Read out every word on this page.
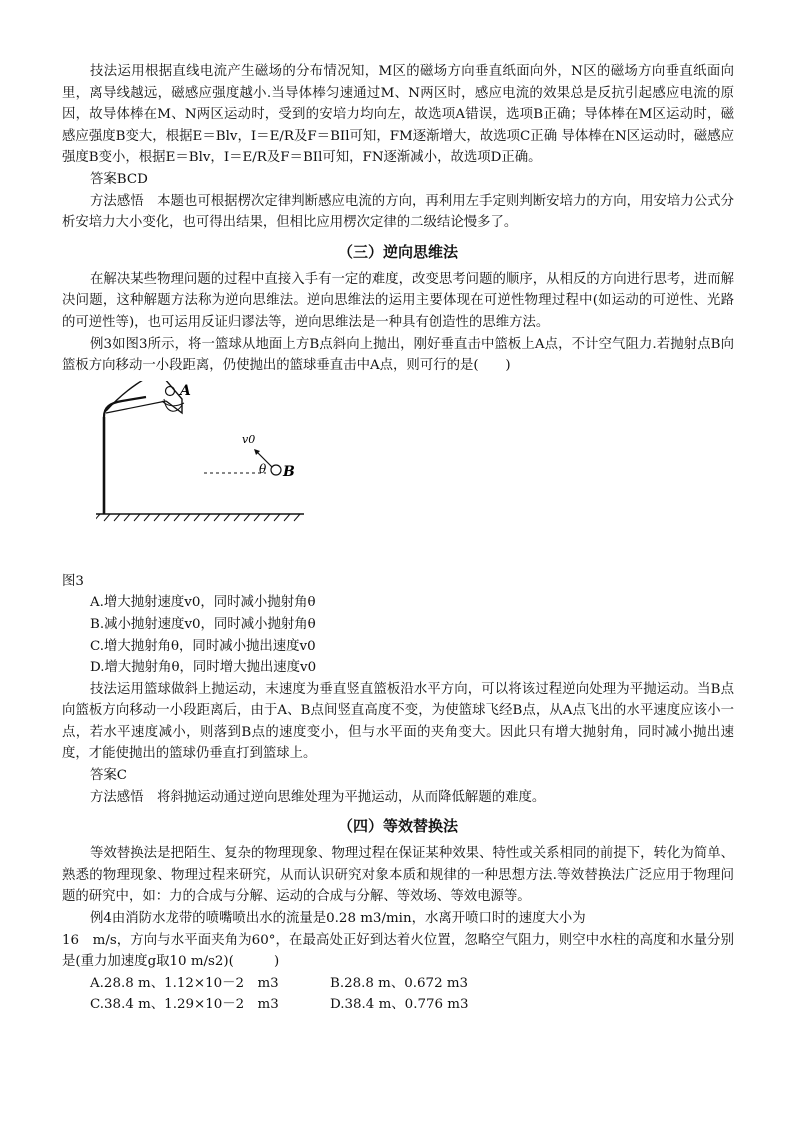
技法运用根据直线电流产生磁场的分布情况知，M区的磁场方向垂直纸面向外，N区的磁场方向垂直纸面向里，离导线越远，磁感应强度越小.当导体棒匀速通过M、N两区时，感应电流的效果总是反抗引起感应电流的原因，故导体棒在M、N两区运动时，受到的安培力均向左，故选项A错误，选项B正确；导体棒在M区运动时，磁感应强度B变大，根据E＝Blv，I＝E/R及F＝BIl可知，FM逐渐增大，故选项C正确 导体棒在N区运动时，磁感应强度B变小，根据E＝Blv，I＝E/R及F＝BIl可知，FN逐渐减小，故选项D正确。

答案BCD

方法感悟　本题也可根据楞次定律判断感应电流的方向，再利用左手定则判断安培力的方向，用安培力公式分析安培力大小变化，也可得出结果，但相比应用楞次定律的二级结论慢多了。

（三）逆向思维法

在解决某些物理问题的过程中直接入手有一定的难度，改变思考问题的顺序，从相反的方向进行思考，进而解决问题，这种解题方法称为逆向思维法。逆向思维法的运用主要体现在可逆性物理过程中(如运动的可逆性、光路的可逆性等)，也可运用反证归谬法等，逆向思维法是一种具有创造性的思维方法。

例3如图3所示，将一篮球从地面上方B点斜向上抛出，刚好垂直击中篮板上A点，不计空气阻力.若抛射点B向篮板方向移动一小段距离，仍使抛出的篮球垂直击中A点，则可行的是(　　)

A
B
v0
θ

图3

A.增大抛射速度v0，同时减小抛射角θ

B.减小抛射速度v0，同时减小抛射角θ

C.增大抛射角θ，同时减小抛出速度v0

D.增大抛射角θ，同时增大抛出速度v0

技法运用篮球做斜上抛运动，末速度为垂直竖直篮板沿水平方向，可以将该过程逆向处理为平抛运动。当B点向篮板方向移动一小段距离后，由于A、B点间竖直高度不变，为使篮球飞经B点，从A点飞出的水平速度应该小一点，若水平速度减小，则落到B点的速度变小，但与水平面的夹角变大。因此只有增大抛射角，同时减小抛出速度，才能使抛出的篮球仍垂直打到篮球上。

答案C

方法感悟　将斜抛运动通过逆向思维处理为平抛运动，从而降低解题的难度。

（四）等效替换法

等效替换法是把陌生、复杂的物理现象、物理过程在保证某种效果、特性或关系相同的前提下，转化为简单、熟悉的物理现象、物理过程来研究，从而认识研究对象本质和规律的一种思想方法.等效替换法广泛应用于物理问题的研究中，如：力的合成与分解、运动的合成与分解、等效场、等效电源等。

例4由消防水龙带的喷嘴喷出水的流量是0.28 m3/min，水离开喷口时的速度大小为

16　m/s，方向与水平面夹角为60°，在最高处正好到达着火位置，忽略空气阻力，则空中水柱的高度和水量分别是(重力加速度g取10 m/s2)(　　　)

A.28.8 m、1.12×10－2　m3	B.28.8 m、0.672 m3

C.38.4 m、1.29×10－2　m3	D.38.4 m、0.776 m3
